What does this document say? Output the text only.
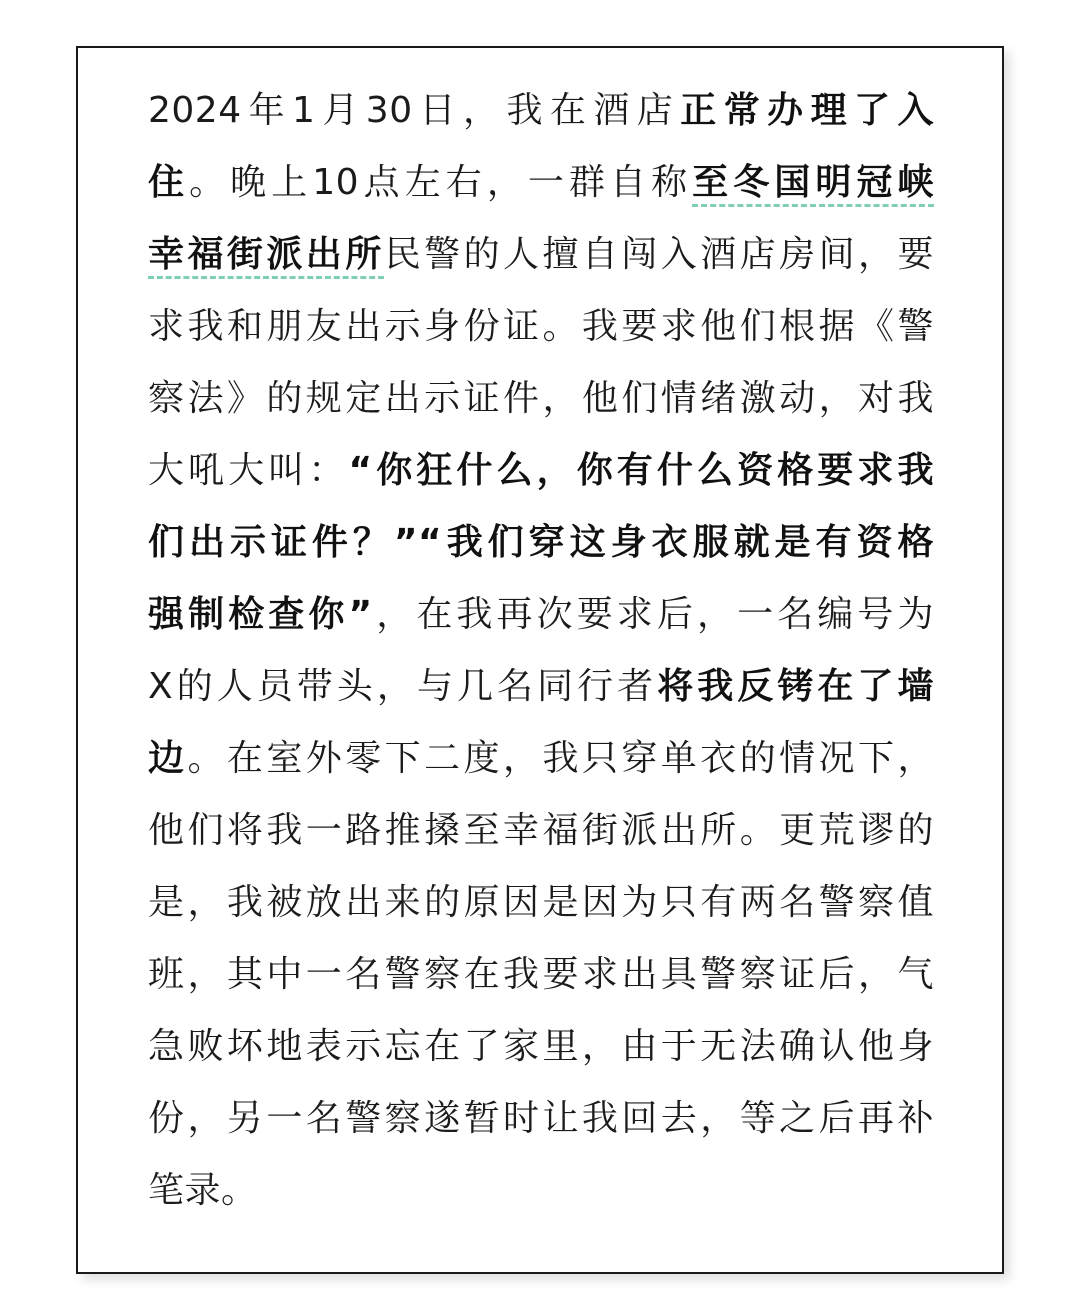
2024年1月30日，我在酒店正常办理了入
住。晚上10点左右，一群自称至冬国明冠峡
幸福街派出所民警的人擅自闯入酒店房间，要
求我和朋友出示身份证。我要求他们根据《警
察法》的规定出示证件，他们情绪激动，对我
大吼大叫：“你狂什么，你有什么资格要求我
们出示证件？”“我们穿这身衣服就是有资格
强制检查你”，在我再次要求后，一名编号为
X的人员带头，与几名同行者将我反铐在了墙
边。在室外零下二度，我只穿单衣的情况下，
他们将我一路推搡至幸福街派出所。更荒谬的
是，我被放出来的原因是因为只有两名警察值
班，其中一名警察在我要求出具警察证后，气
急败坏地表示忘在了家里，由于无法确认他身
份，另一名警察遂暂时让我回去，等之后再补
笔录。
